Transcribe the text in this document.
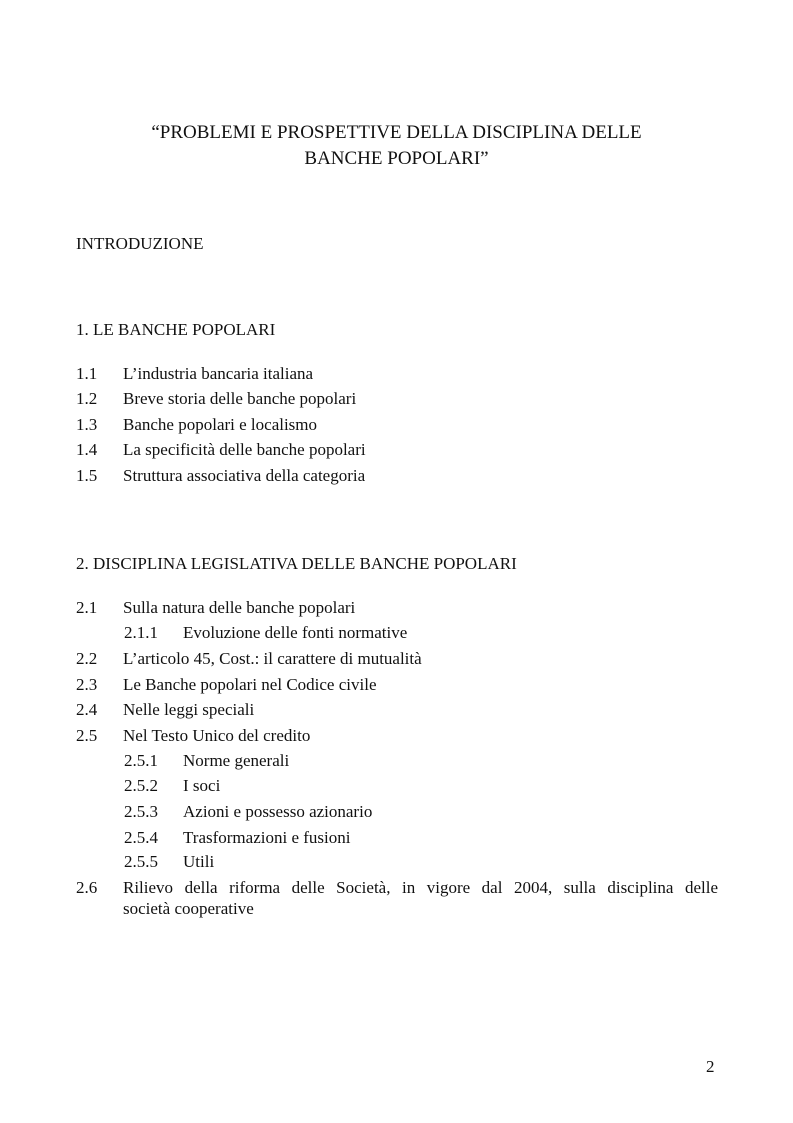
“PROBLEMI E PROSPETTIVE DELLA DISCIPLINA DELLE
BANCHE POPOLARI”
INTRODUZIONE
1. LE BANCHE POPOLARI
1.1 L’industria bancaria italiana
1.2 Breve storia delle banche popolari
1.3 Banche popolari e localismo
1.4 La specificità delle banche popolari
1.5 Struttura associativa della categoria
2. DISCIPLINA LEGISLATIVA DELLE BANCHE POPOLARI
2.1 Sulla natura delle banche popolari
2.1.1 Evoluzione delle fonti normative
2.2 L’articolo 45, Cost.: il carattere di mutualità
2.3 Le Banche popolari nel Codice civile
2.4 Nelle leggi speciali
2.5 Nel Testo Unico del credito
2.5.1 Norme generali
2.5.2 I soci
2.5.3 Azioni e possesso azionario
2.5.4 Trasformazioni e fusioni
2.5.5 Utili
2.6 Rilievo della riforma delle Società, in vigore dal 2004, sulla disciplina delle
società cooperative
2
